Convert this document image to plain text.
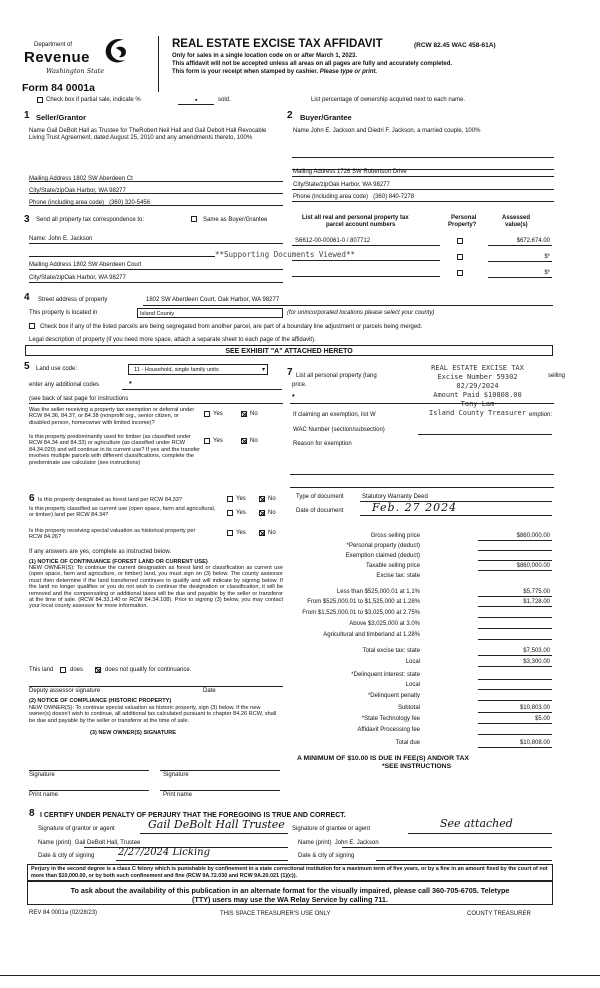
Department of
Revenue
Washington State
Form 84 0001a
REAL ESTATE EXCISE TAX AFFIDAVIT	(RCW 82.45 WAC 458-61A)
Only for sales in a single location code on or after March 1, 2023.
This affidavit will not be accepted unless all areas on all pages are fully and accurately completed.
This form is your receipt when stamped by cashier. Please type or print.
Check box if partial sale, indicate %	▪	sold.	List percentage of ownership acquired next to each name.
1 Seller/Grantor
Name Gail DeBolt Hall as Trustee for TheRobert Neil Hall and Gail Debolt Hall Revocable Living Trust Agreement, dated August 25, 2010 and any amendments thereto, 100%
Mailing Address 1802 SW Aberdeen Ct
City/State/zipOak Harbor, WA 98277
Phone (including area code) (360) 320-5456
2 Buyer/Grantee
Name John E. Jackson and Diedri F. Jackson, a married couple, 100%
Mailing Address 1726 SW Robertson Drive
City/State/zipOak Harbor, WA 98277
Phone (including area code) (360) 840-7278
3 Send all property tax correspondence to:	Same as Buyer/Grantee
Name: John E. Jackson
**Supporting Documents Viewed**
Mailing Address 1802 SW Aberdeen Court
City/State/zipOak Harbor, WA 98277
List all real and personal property tax
parcel account numbers
Personal
Property?
Assessed
value(s)
S6612-00-00061-0 / 807712	$672,674.00
$*
$*
4 Street address of property	1802 SW Aberdeen Court, Oak Harbor, WA 98277
This property is located in	Island County	(for unincorporated locations please select your county)
Check box if any of the listed parcels are being segregated from another parcel, are part of a boundary line adjustment or parcels being merged.
Legal description of property (if you need more space, attach a separate sheet to each page of the affidavit).
SEE EXHIBIT "A" ATTACHED HERETO
5 Land use code:	11 - Household, single family units	▾
enter any additional codes	*
(see back of last page for instructions
Was the seller receiving a property tax exemption or deferral under RCW 84.36, 84.37, or 84.38 (nonprofit org., senior citizen, or disabled person, homeowner with limited income)?
Yes	No
Is this property predominantly used for timber (as classified under RCW 84.34 and 84.33) or agriculture (as classified under RCW 84.34.020) and will continue in its current use? If yes and the transfer involves multiple parcels with different classifications, complete the predominate use calculator (see instructions)
Yes	No
6 Is this property designated as forest land per RCW 84.33?	Yes	No
Is this property classified as current use (open space, farm and agricultural, or timber) land per RCW 84.34?	Yes	No
Is this property receiving special valuation as historical property per RCW 84.26?
Yes	No
If any answers are yes, complete as instructed below.
(1) NOTICE OF CONTINUANCE (FOREST LAND OR CURRENT USE)
NEW OWNER(S): To continue the current designation as forest land or classification as current use (open space, farm and agriculture, or timber) land, you must sign on (3) below. The county assessor must then determine if the land transferred continues to qualify and will indicate by signing below. If the land no longer qualifies or you do not wish to continue the designation or classification, it will be removed and the compensating or additional taxes will be due and payable by the seller or transferor at the time of sale. (RCW 84.33.140 or RCW 84.34.108). Prior to signing (3) below, you may contact your local county assessor for more information.
This land	does	does not qualify for continuance.
Deputy assessor signature	Date
(2) NOTICE OF COMPLIANCE (HISTORIC PROPERTY)
NEW OWNER(S): To continue special valuation as historic property, sign (3) below. If the new owner(s) doesn't wish to continue, all additional tax calculated pursuant to chapter 84.26 RCW, shall be due and payable by the seller or transferor at the time of sale.
(3) NEW OWNER(S) SIGNATURE
Signature	Signature
Print name	Print name
7 List all personal property (tang	selling
price.
*
REAL ESTATE EXCISE TAX
Excise Number 59302
02/29/2024
Amount Paid $10808.00
Tony Lam
Island County Treasurer
If claiming an exemption, list W	emption:
WAC Number (section/subsection)
Reason for exemption
Type of document	Statutory Warranty Deed
Date of document	Feb. 27 2024
Gross selling price	$860,000.00
*Personal property (deduct)
Exemption claimed (deduct)
Taxable selling price	$860,000.00
Excise tax: state
Less than $525,000.01 at 1.1%	$5,775.00
From $525,000.01 to $1,525,000 at 1.28%	$1,728.00
From $1,525,000.01 to $3,025,000 at 2.75%
Above $3,025,000 at 3.0%
Agricultural and timberland at 1.28%
Total excise tax: state	$7,503.00
Local	$3,300.00
*Delinquent interest: state
Local
*Delinquent penalty
Subtotal	$10,803.00
*State Technology fee	$5.00
Affidavit Processing fee
Total due	$10,808.00
A MINIMUM OF $10.00 IS DUE IN FEE(S) AND/OR TAX
*SEE INSTRUCTIONS
8 I CERTIFY UNDER PENALTY OF PERJURY THAT THE FOREGOING IS TRUE AND CORRECT.
Signature of grantor or agent	Gail DeBolt Hall Trustee Signature of grantee or agent	See attached
Name (print) Gail DeBolt Hall, Trustee	Name (print) John E. Jackson
Date & city of signing 2/27/2024 Licking	Date & city of signing
Perjury in the second degree is a class C felony which is punishable by confinement in a state correctional institution for a maximum term of five years, or by a fine in an amount fixed by the court of not more than $10,000.00, or by both such confinement and fine (RCW 9A.72.030 and RCW 9A.20.021 (1)(c)).
To ask about the availability of this publication in an alternate format for the visually impaired, please call 360-705-6705. Teletype
(TTY) users may use the WA Relay Service by calling 711.
REV 84 0001a (02/28/23)	THIS SPACE TREASURER'S USE ONLY	COUNTY TREASURER
